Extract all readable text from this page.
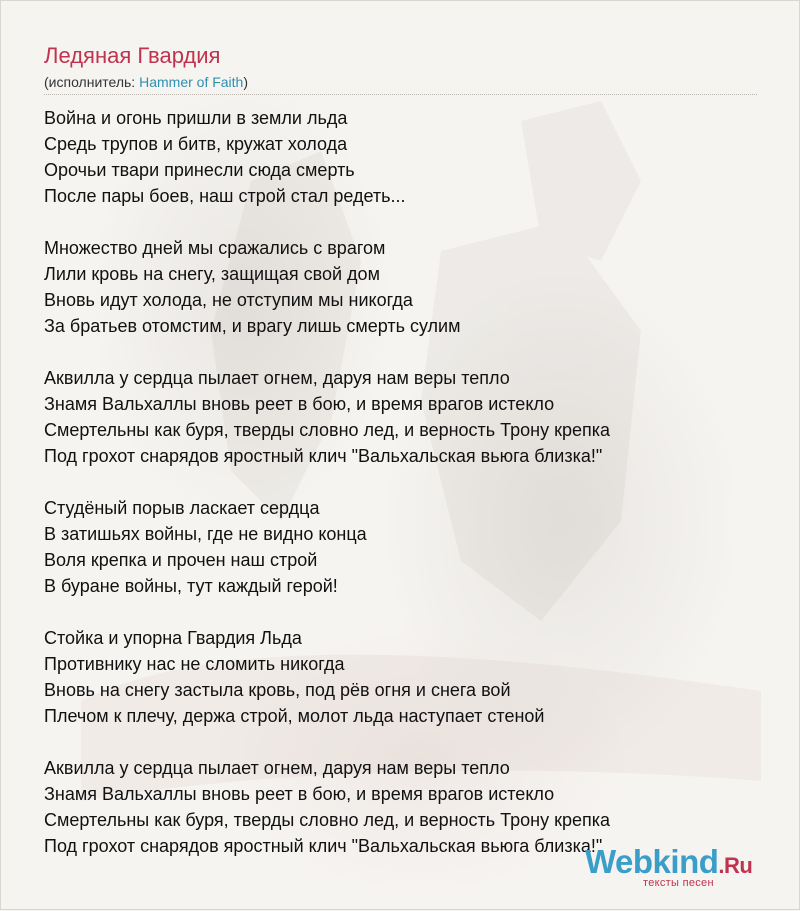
Ледяная Гвардия
(исполнитель: Hammer of Faith)
Война и огонь пришли в земли льда
Средь трупов и битв, кружат холода
Орочьи твари принесли сюда смерть
После пары боев, наш строй стал редеть...
Множество дней мы сражались с врагом
Лили кровь на снегу, защищая свой дом
Вновь идут холода, не отступим мы никогда
За братьев отомстим, и врагу лишь смерть сулим
Аквилла у сердца пылает огнем, даруя нам веры тепло
Знамя Вальхаллы вновь реет в бою, и время врагов истекло
Смертельны как буря, тверды словно лед, и верность Трону крепка
Под грохот снарядов яростный клич "Вальхальская вьюга близка!"
Студёный порыв ласкает сердца
В затишьях войны, где не видно конца
Воля крепка и прочен наш строй
В буране войны, тут каждый герой!
Стойка и упорна Гвардия Льда
Противнику нас не сломить никогда
Вновь на снегу застыла кровь, под рёв огня и снега вой
Плечом к плечу, держа строй, молот льда наступает стеной
Аквилла у сердца пылает огнем, даруя нам веры тепло
Знамя Вальхаллы вновь реет в бою, и время врагов истекло
Смертельны как буря, тверды словно лед, и верность Трону крепка
Под грохот снарядов яростный клич "Вальхальская вьюга близка!"
Webkind.Ru
тексты песен
